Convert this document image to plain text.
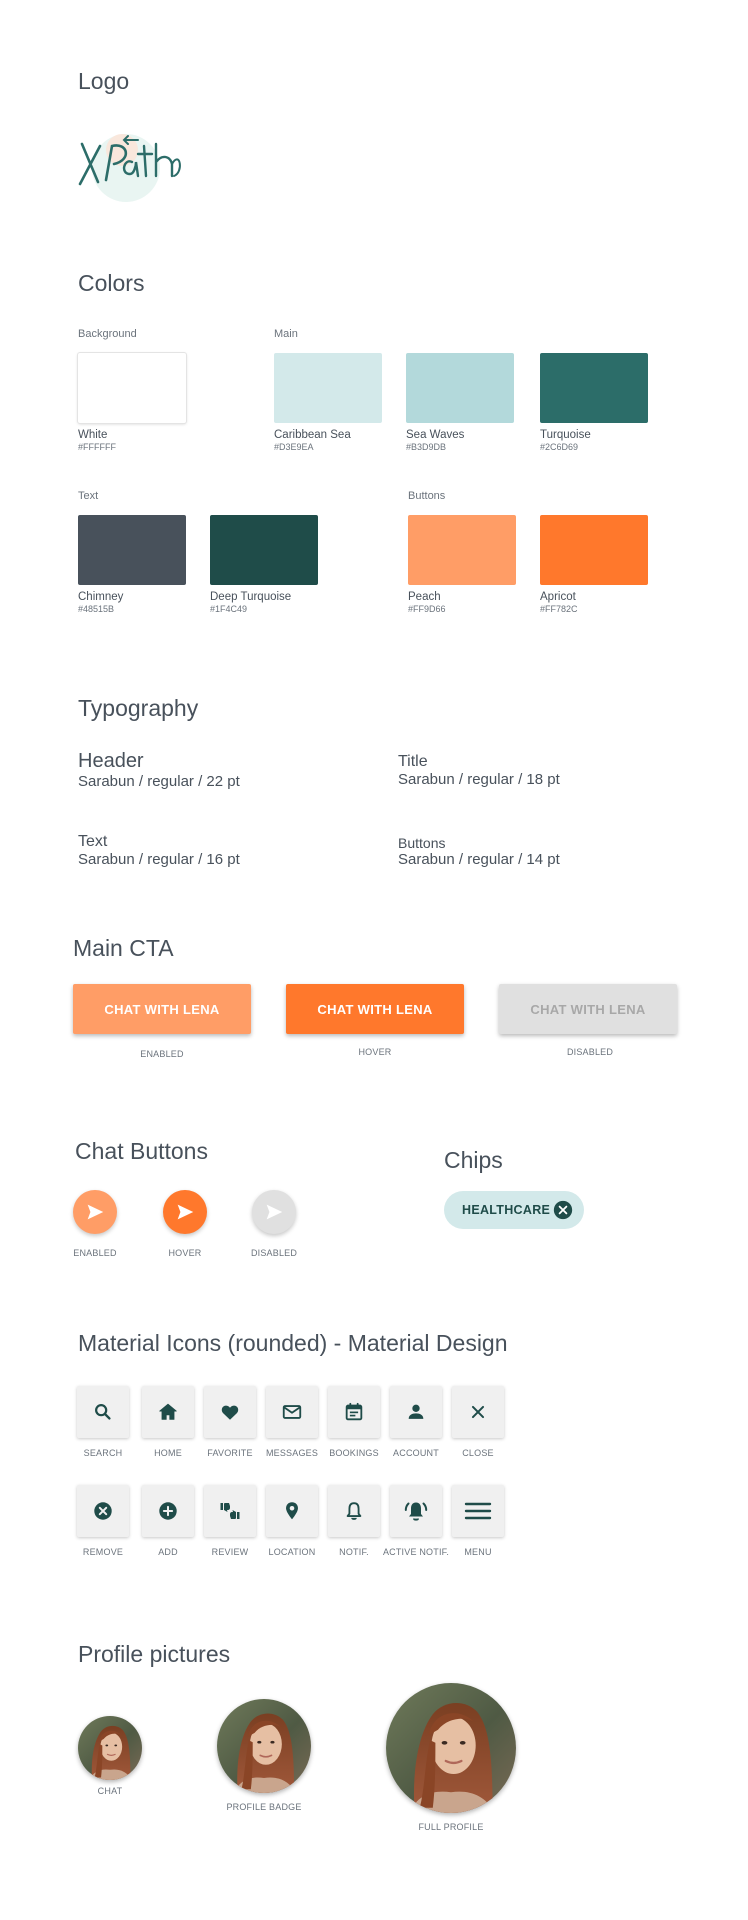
Logo
Colors
Background	Main
White
#FFFFFF
Caribbean Sea
#D3E9EA
Sea Waves
#B3D9DB
Turquoise
#2C6D69
Text	Buttons
Chimney
#48515B
Deep Turquoise
#1F4C49
Peach
#FF9D66
Apricot
#FF782C
Typography
Header
Sarabun / regular / 22 pt
Title
Sarabun / regular / 18 pt
Text
Sarabun / regular / 16 pt
Buttons
Sarabun / regular / 14 pt
Main CTA
CHAT WITH LENA
ENABLED
CHAT WITH LENA
HOVER
CHAT WITH LENA
DISABLED
Chat Buttons
ENABLED	HOVER	DISABLED
Chips
HEALTHCARE
Material Icons (rounded) - Material Design
SEARCH	HOME	FAVORITE MESSAGES BOOKINGS ACCOUNT	CLOSE
REMOVE	ADD	REVIEW LOCATION	NOTIF. ACTIVE NOTIF. MENU
Profile pictures
CHAT
PROFILE BADGE
FULL PROFILE
